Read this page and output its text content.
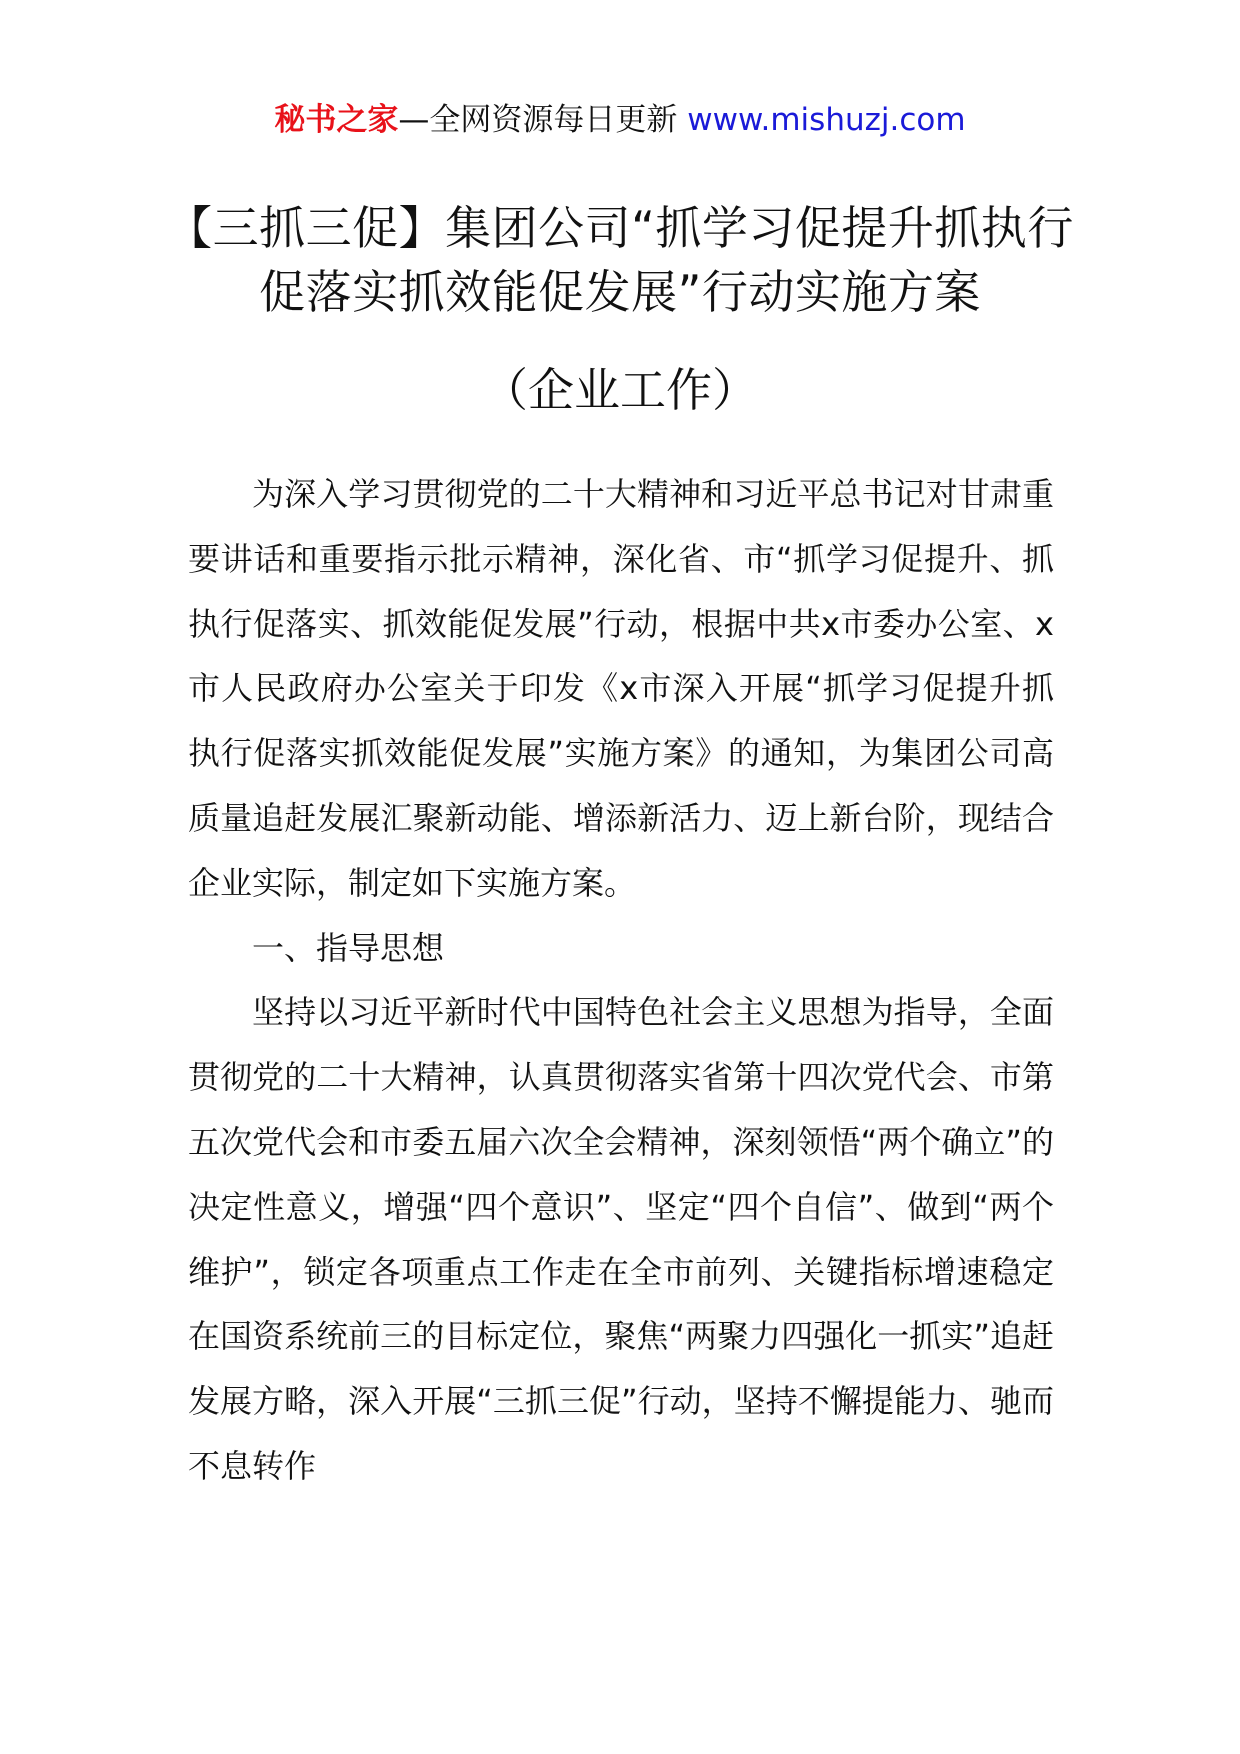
秘书之家—全网资源每日更新 www.mishuzj.com
【三抓三促】集团公司“抓学习促提升抓执行促落实抓效能促发展”行动实施方案
（企业工作）

为深入学习贯彻党的二十大精神和习近平总书记对甘肃重要讲话和重要指示批示精神，深化省、市“抓学习促提升、抓执行促落实、抓效能促发展”行动，根据中共x市委办公室、x市人民政府办公室关于印发《x市深入开展“抓学习促提升抓执行促落实抓效能促发展”实施方案》的通知，为集团公司高质量追赶发展汇聚新动能、增添新活力、迈上新台阶，现结合企业实际，制定如下实施方案。

一、指导思想

坚持以习近平新时代中国特色社会主义思想为指导，全面贯彻党的二十大精神，认真贯彻落实省第十四次党代会、市第五次党代会和市委五届六次全会精神，深刻领悟“两个确立”的决定性意义，增强“四个意识”、坚定“四个自信”、做到“两个维护”，锁定各项重点工作走在全市前列、关键指标增速稳定在国资系统前三的目标定位，聚焦“两聚力四强化一抓实”追赶发展方略，深入开展“三抓三促”行动，坚持不懈提能力、驰而不息转作
